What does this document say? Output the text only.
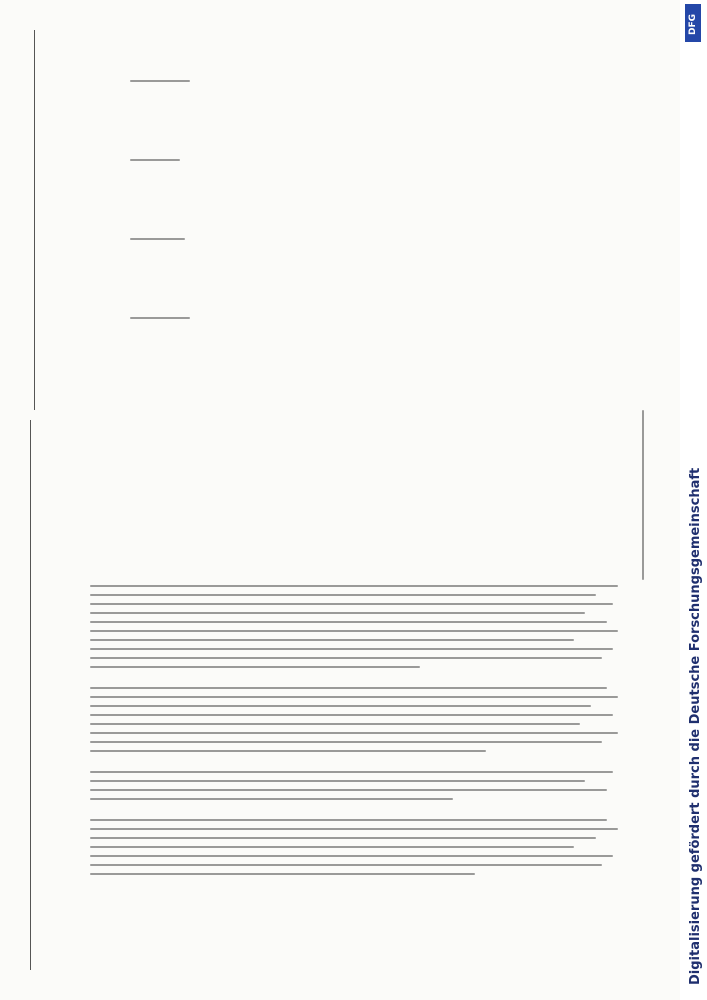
DFG
Digitalisierung gefördert durch die Deutsche Forschungsgemeinschaft
